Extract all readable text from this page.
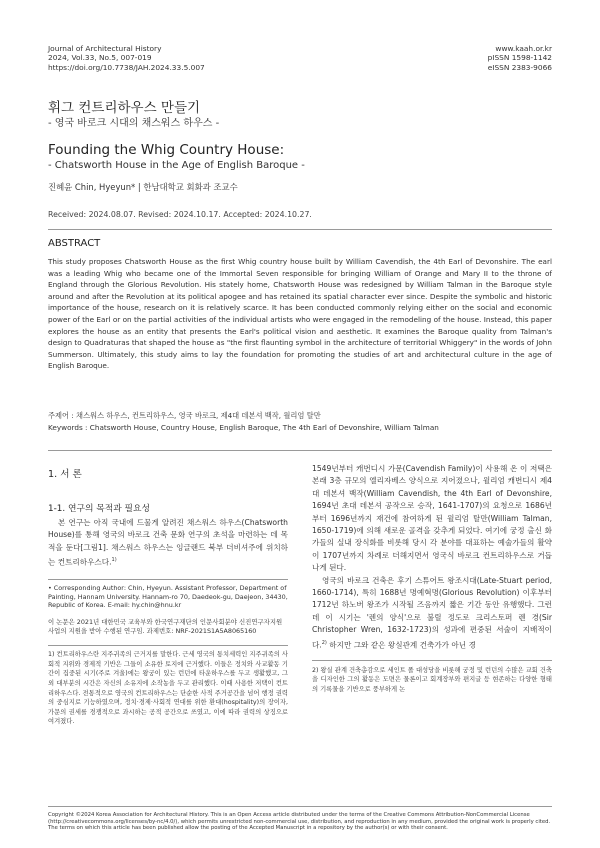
Journal of Architectural History
2024, Vol.33, No.5, 007-019
https://doi.org/10.7738/JAH.2024.33.5.007
www.kaah.or.kr
pISSN 1598-1142
eISSN 2383-9066
휘그 컨트리하우스 만들기
- 영국 바로크 시대의 채스워스 하우스 -
Founding the Whig Country House:
- Chatsworth House in the Age of English Baroque -
진혜윤 Chin, Hyeyun* | 한남대학교 회화과 조교수
Received: 2024.08.07. Revised: 2024.10.17. Accepted: 2024.10.27.
ABSTRACT
This study proposes Chatsworth House as the first Whig country house built by William Cavendish, the 4th Earl of Devonshire. The earl was a leading Whig who became one of the Immortal Seven responsible for bringing William of Orange and Mary II to the throne of England through the Glorious Revolution. His stately home, Chatsworth House was redesigned by William Talman in the Baroque style around and after the Revolution at its political apogee and has retained its spatial character ever since. Despite the symbolic and historic importance of the house, research on it is relatively scarce. It has been conducted commonly relying either on the social and economic power of the Earl or on the partial activities of the individual artists who were engaged in the remodeling of the house. Instead, this paper explores the house as an entity that presents the Earl's political vision and aesthetic. It examines the Baroque quality from Talman's design to Quadraturas that shaped the house as "the first flaunting symbol in the architecture of territorial Whiggery" in the words of John Summerson. Ultimately, this study aims to lay the foundation for promoting the studies of art and architectural culture in the age of English Baroque.
주제어 : 채스워스 하우스, 컨트리하우스, 영국 바로크, 제4대 데본셔 백작, 월리엄 탈만
Keywords : Chatsworth House, Country House, English Baroque, The 4th Earl of Devonshire, William Talman
1. 서 론
1-1. 연구의 목적과 필요성
본 연구는 아직 국내에 드물게 알려진 채스워스 하우스(Chatsworth House)를 통해 영국의 바로크 건축 문화 연구의 초석을 마련하는 데 목적을 둔다[그림1]. 채스워스 하우스는 잉글랜드 북부 더비셔주에 위치하는 컨트리하우스다.$^{1)}$
• Corresponding Author: Chin, Hyeyun. Assistant Professor, Department of Painting, Hannam University. Hannam-ro 70, Daedeok-gu, Daejeon, 34430, Republic of Korea. E-mail: hy.chin@hnu.kr
이 논문은 2021년 대한민국 교육부와 한국연구재단의 인문사회분야 신진연구자지원사업의 지원을 받아 수행된 연구임. 과제번호: NRF-2021S1A5A8065160
1) 컨트리하우스란 지주귀족의 근거지를 말한다. 근세 영국의 통치세력인 지주귀족의 사회적 지위와 경제적 기반은 그들이 소유한 토지에 근거했다. 이들은 정치와 사교활동 기간이 집중된 시기(주로 겨울)에는 왕궁이 있는 런던에 타운하우스를 두고 생활했고, 그 외 대부분의 시간은 자신의 소유지에 소작농을 두고 관리했다. 이때 사용한 저택이 컨트리하우스다. 전통적으로 영국의 컨트리하우스는 단순한 사적 주거공간을 넘어 행정 권력의 중심지로 기능하였으며, 정치·경제·사회적 연대를 위한 환대(hospitality)의 장이자, 가문의 권세를 경쟁적으로 과시하는 공적 공간으로 쓰였고, 이에 따라 권력의 상징으로 여겨졌다.
1549년부터 캐번디시 가문(Cavendish Family)이 사용해 온 이 저택은 본래 3층 규모의 엘리자베스 양식으로 지어졌으나, 윌리엄 캐번디시 제4대 데본셔 백작(William Cavendish, the 4th Earl of Devonshire, 1694년 초대 데본셔 공작으로 승작, 1641-1707)의 요청으로 1686년부터 1696년까지 재건에 참여하게 된 윌리엄 탈만(William Talman, 1650-1719)에 의해 새로운 골격을 갖추게 되었다. 여기에 궁정 출신 화가들의 실내 장식화를 비롯해 당시 각 분야를 대표하는 예술가들의 활약이 1707년까지 차례로 더해지면서 영국식 바로크 컨트리하우스로 거듭나게 된다.
영국의 바로크 건축은 후기 스튜어트 왕조시대(Late-Stuart period, 1660-1714), 특히 1688년 명예혁명(Glorious Revolution) 이후부터 1712년 하노버 왕조가 시작될 즈음까지 짧은 기간 동안 유행했다. 그런데 이 시기는 '렌의 양식'으로 불릴 정도로 크리스토퍼 렌 경(Sir Christopher Wren, 1632-1723)의 성과에 편중된 서술이 지배적이다.$^{2)}$ 하지만 그와 같은 왕실관계 건축가가 아닌 경
2) 왕실 관계 건축총감으로 세인트 폴 대성당을 비롯해 궁정 및 런던의 수많은 교회 건축을 디자인한 그의 활동은 도면은 물론이고 회계장부와 편지글 등 현존하는 다양한 형태의 기록물을 기반으로 풍부하게 논
Copyright ©2024 Korea Association for Architectural History. This is an Open Access article distributed under the terms of the Creative Commons Attribution-NonCommercial License (http://creativecommons.org/licenses/by-nc/4.0/), which permits unrestricted non-commercial use, distribution, and reproduction in any medium, provided the original work is properly cited. The terms on which this article has been published allow the posting of the Accepted Manuscript in a repository by the author(s) or with their consent.
